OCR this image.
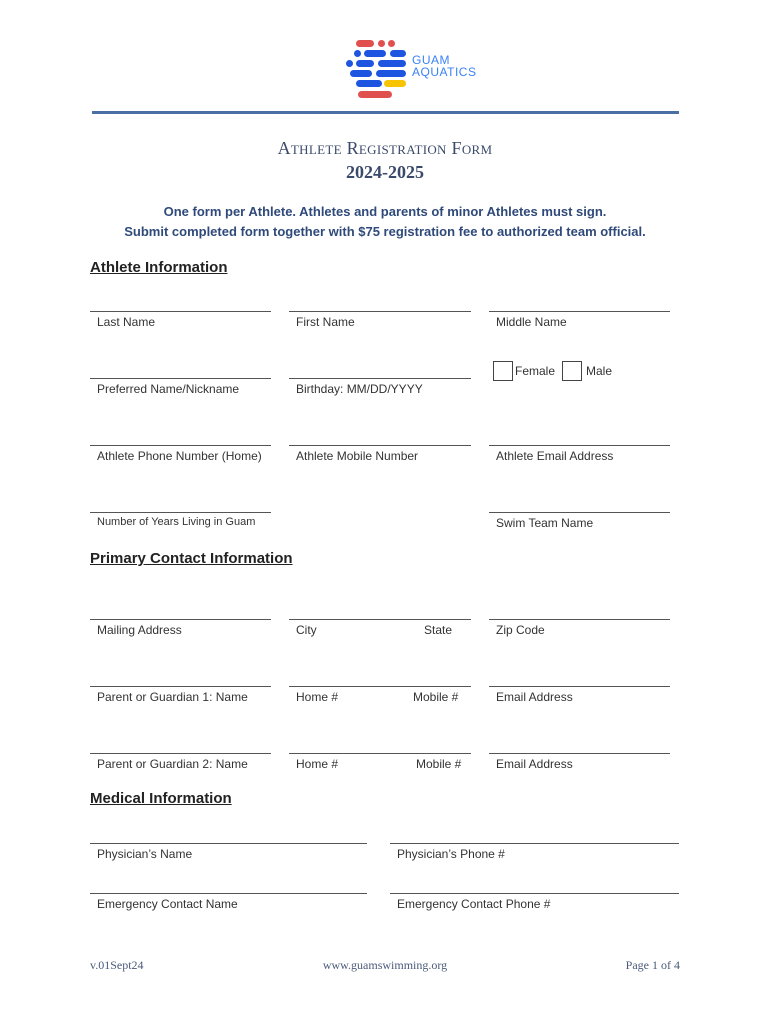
GUAM
AQUATICS
Athlete Registration Form
2024-2025
One form per Athlete. Athletes and parents of minor Athletes must sign.
Submit completed form together with $75 registration fee to authorized team official.
Athlete Information
Last Name	First Name	Middle Name
Preferred Name/Nickname	Birthday: MM/DD/YYYY
Female	Male
Athlete Phone Number (Home)	Athlete Mobile Number	Athlete Email Address
Number of Years Living in Guam	Swim Team Name
Primary Contact Information
Mailing Address	City	State	Zip Code
Parent or Guardian 1: Name	Home #	Mobile #	Email Address
Parent or Guardian 2: Name	Home #	Mobile #	Email Address
Medical Information
Physician’s Name	Physician’s Phone #
Emergency Contact Name	Emergency Contact Phone #
v.01Sept24	www.guamswimming.org	Page 1 of 4
